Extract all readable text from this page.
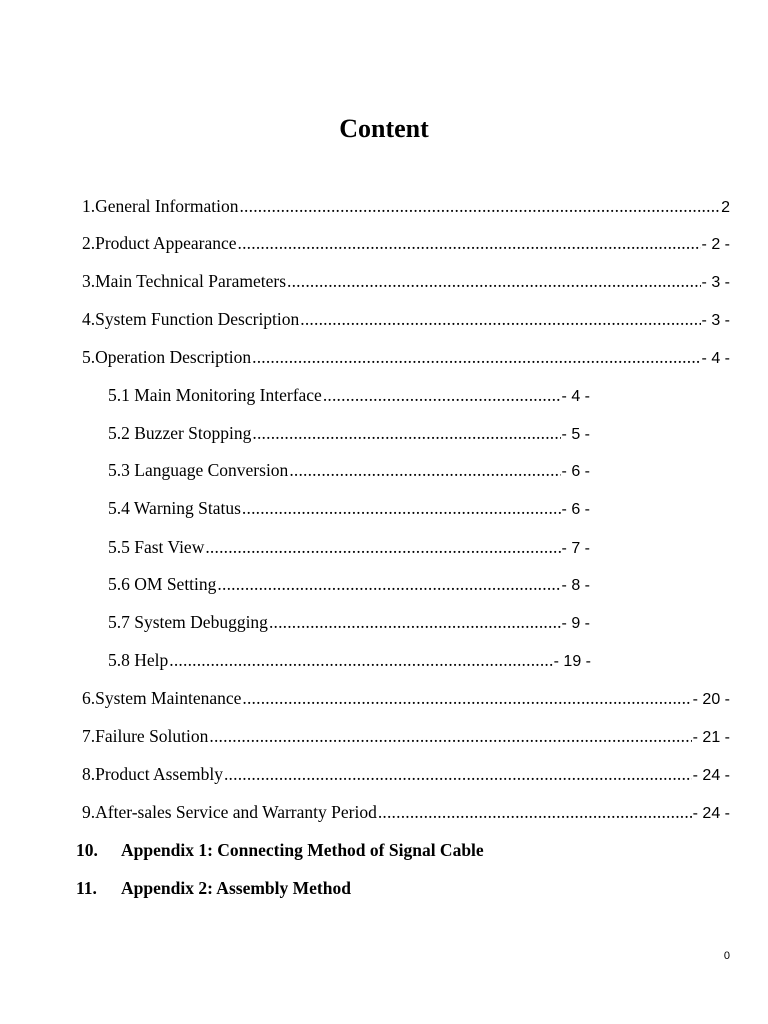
Content
1. General Information .....	2
2. Product Appearance .....	- 2 -
3. Main Technical Parameters .....	- 3 -
4. System Function Description .....	- 3 -
5. Operation Description .....	- 4 -
5.1 Main Monitoring Interface .....	- 4 -
5.2 Buzzer Stopping .....	- 5 -
5.3 Language Conversion .....	- 6 -
5.4 Warning Status .....	- 6 -
5.5 Fast View .....	- 7 -
5.6 OM Setting .....	- 8 -
5.7 System Debugging .....	- 9 -
5.8 Help .....	- 19 -
6. System Maintenance .....	- 20 -
7. Failure Solution .....	- 21 -
8. Product Assembly .....	- 24 -
9. After-sales Service and Warranty Period .....	- 24 -
10.	Appendix 1: Connecting Method of Signal Cable
11.	Appendix 2: Assembly Method
0
